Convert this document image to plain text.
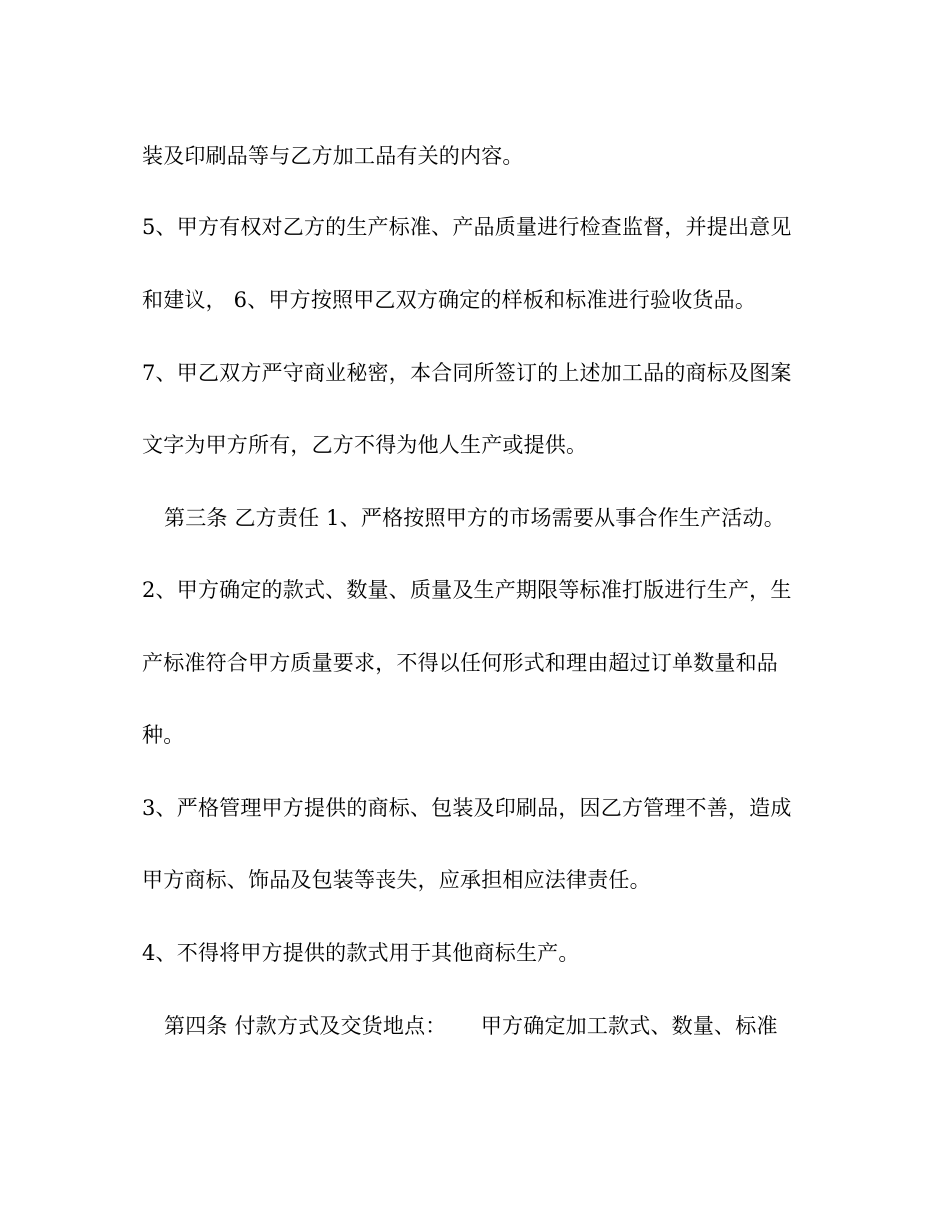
装及印刷品等与乙方加工品有关的内容。
5、甲方有权对乙方的生产标准、产品质量进行检查监督，并提出意见
和建议， 6、甲方按照甲乙双方确定的样板和标准进行验收货品。
7、甲乙双方严守商业秘密，本合同所签订的上述加工品的商标及图案
文字为甲方所有，乙方不得为他人生产或提供。
第三条 乙方责任 1、严格按照甲方的市场需要从事合作生产活动。
2、甲方确定的款式、数量、质量及生产期限等标准打版进行生产，生
产标准符合甲方质量要求，不得以任何形式和理由超过订单数量和品
种。
3、严格管理甲方提供的商标、包装及印刷品，因乙方管理不善，造成
甲方商标、饰品及包装等丧失，应承担相应法律责任。
4、不得将甲方提供的款式用于其他商标生产。
第四条 付款方式及交货地点：     甲方确定加工款式、数量、标准
